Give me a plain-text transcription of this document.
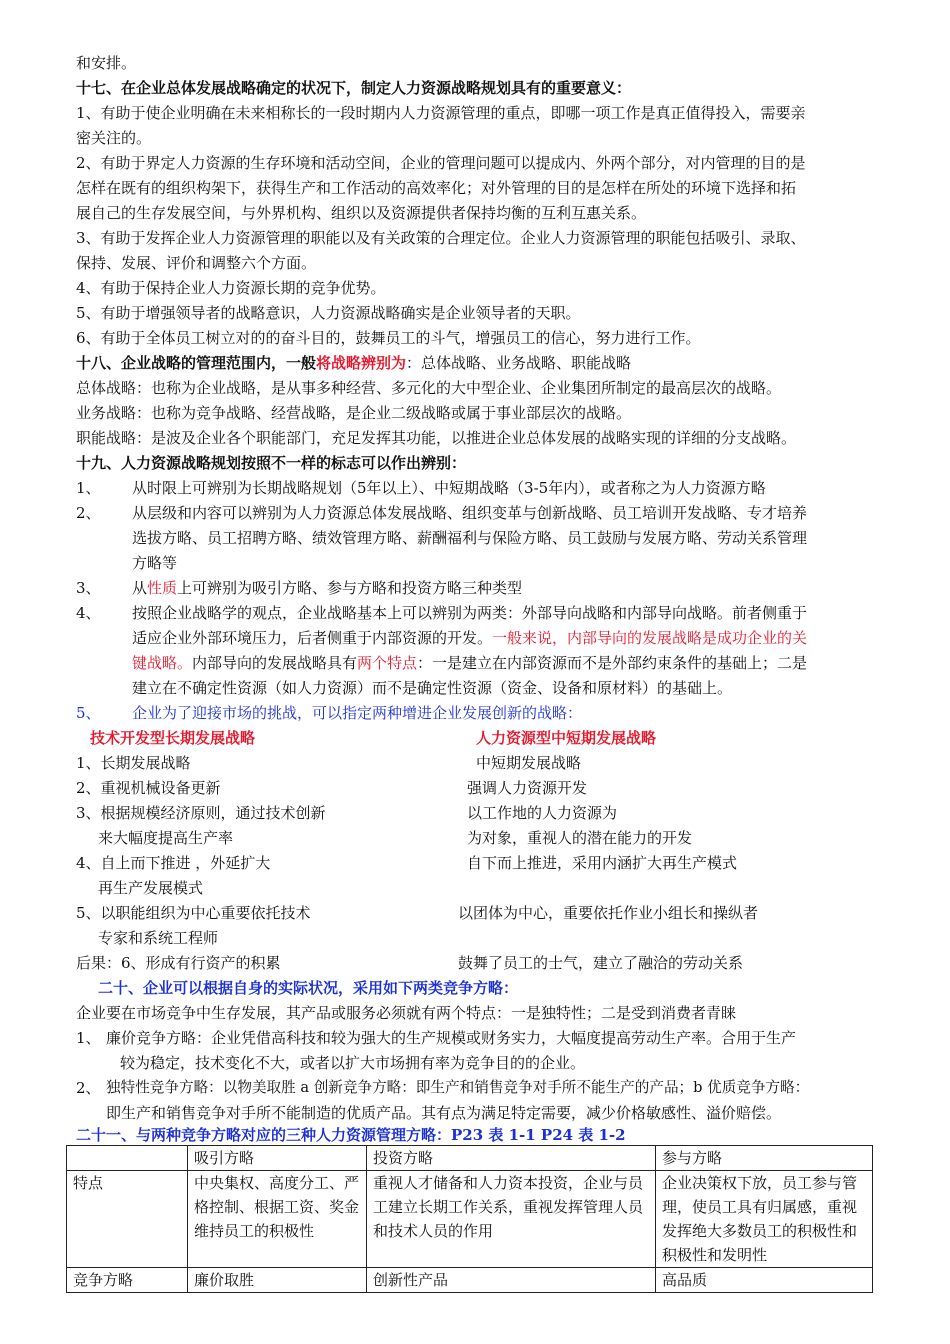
和安排。
十七、在企业总体发展战略确定的状况下，制定人力资源战略规划具有的重要意义：
1、有助于使企业明确在未来相称长的一段时期内人力资源管理的重点，即哪一项工作是真正值得投入，需要亲
密关注的。
2、有助于界定人力资源的生存环境和活动空间，企业的管理问题可以提成内、外两个部分，对内管理的目的是
怎样在既有的组织构架下，获得生产和工作活动的高效率化；对外管理的目的是怎样在所处的环境下选择和拓
展自己的生存发展空间，与外界机构、组织以及资源提供者保持均衡的互利互惠关系。
3、有助于发挥企业人力资源管理的职能以及有关政策的合理定位。企业人力资源管理的职能包括吸引、录取、
保持、发展、评价和调整六个方面。
4、有助于保持企业人力资源长期的竞争优势。
5、有助于增强领导者的战略意识，人力资源战略确实是企业领导者的天职。
6、有助于全体员工树立对的的奋斗目的，鼓舞员工的斗气，增强员工的信心，努力进行工作。
十八、企业战略的管理范围内，一般将战略辨别为：总体战略、业务战略、职能战略
总体战略：也称为企业战略，是从事多种经营、多元化的大中型企业、企业集团所制定的最高层次的战略。
业务战略：也称为竞争战略、经营战略，是企业二级战略或属于事业部层次的战略。
职能战略：是波及企业各个职能部门，充足发挥其功能，以推进企业总体发展的战略实现的详细的分支战略。
十九、人力资源战略规划按照不一样的标志可以作出辨别：
1、 从时限上可辨别为长期战略规划（5年以上）、中短期战略（3-5年内），或者称之为人力资源方略
2、 从层级和内容可以辨别为人力资源总体发展战略、组织变革与创新战略、员工培训开发战略、专才培养
选拔方略、员工招聘方略、绩效管理方略、薪酬福利与保险方略、员工鼓励与发展方略、劳动关系管理
方略等
3、 从性质上可辨别为吸引方略、参与方略和投资方略三种类型
4、 按照企业战略学的观点，企业战略基本上可以辨别为两类：外部导向战略和内部导向战略。前者侧重于
适应企业外部环境压力，后者侧重于内部资源的开发。一般来说，内部导向的发展战略是成功企业的关
键战略。内部导向的发展战略具有两个特点：一是建立在内部资源而不是外部约束条件的基础上；二是
建立在不确定性资源（如人力资源）而不是确定性资源（资金、设备和原材料）的基础上。
5、 企业为了迎接市场的挑战，可以指定两种增进企业发展创新的战略：
技术开发型长期发展战略	人力资源型中短期发展战略
1、长期发展战略	中短期发展战略
2、重视机械设备更新	强调人力资源开发
3、根据规模经济原则，通过技术创新	以工作地的人力资源为
来大幅度提高生产率	为对象，重视人的潜在能力的开发
4、自上而下推进 ，外延扩大	自下而上推进，采用内涵扩大再生产模式
再生产发展模式
5、以职能组织为中心重要依托技术	以团体为中心，重要依托作业小组长和操纵者
专家和系统工程师
后果：6、形成有行资产的积累	鼓舞了员工的士气，建立了融洽的劳动关系
二十、企业可以根据自身的实际状况，采用如下两类竞争方略：
企业要在市场竞争中生存发展，其产品或服务必须就有两个特点：一是独特性；二是受到消费者青睐
1、 廉价竞争方略：企业凭借高科技和较为强大的生产规模或财务实力，大幅度提高劳动生产率。合用于生产
较为稳定，技术变化不大，或者以扩大市场拥有率为竞争目的的企业。
2、 独特性竞争方略：以物美取胜 a 创新竞争方略：即生产和销售竞争对手所不能生产的产品；b 优质竞争方略：
即生产和销售竞争对手所不能制造的优质产品。其有点为满足特定需要，减少价格敏感性、溢价赔偿。
二十一、与两种竞争方略对应的三种人力资源管理方略：P23 表 1-1 P24 表 1-2
	吸引方略	投资方略	参与方略
特点	中央集权、高度分工、严格控制、根据工资、奖金维持员工的积极性	重视人才储备和人力资本投资，企业与员工建立长期工作关系，重视发挥管理人员和技术人员的作用	企业决策权下放，员工参与管理，使员工具有归属感，重视发挥绝大多数员工的积极性和积极性和发明性
竞争方略	廉价取胜	创新性产品	高品质
